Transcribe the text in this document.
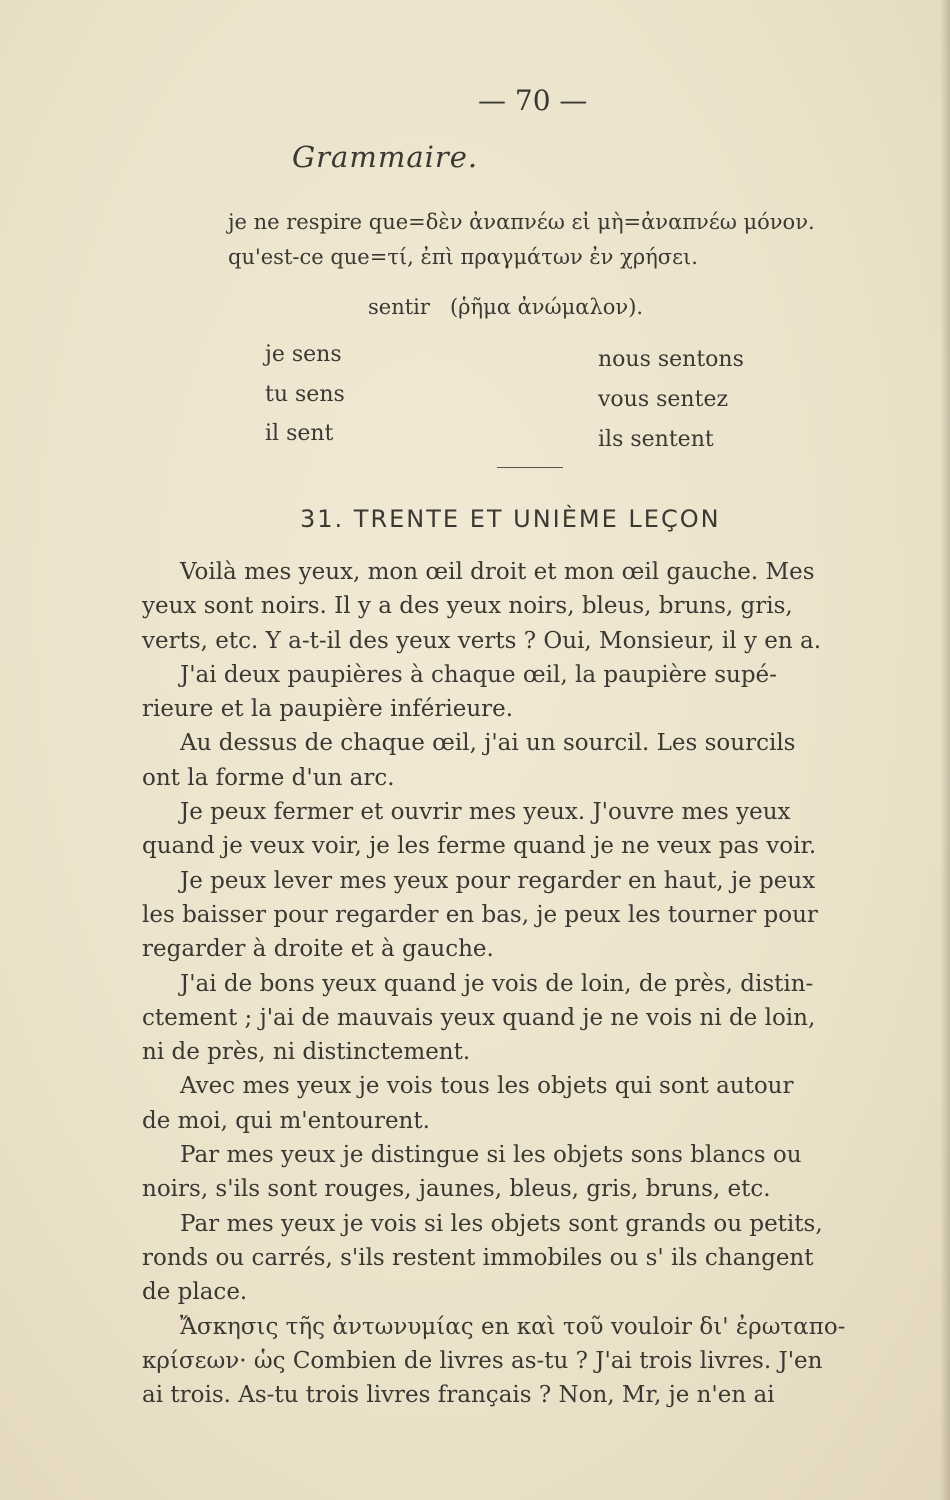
— 70 —
Grammaire.
je ne respire que=δὲν ἀναπνέω εἰ μὴ=ἀναπνέω μόνον.
qu'est-ce que=τί, ἐπὶ πραγμάτων ἐν χρήσει.
sentir   (ῥῆμα ἀνώμαλον).
je sens
tu sens
il sent
nous sentons
vous sentez
ils sentent
31. TRENTE ET UNIÈME LEÇON

Voilà mes yeux, mon œil droit et mon œil gauche. Mes

yeux sont noirs. Il y a des yeux noirs, bleus, bruns, gris,
verts, etc. Y a-t-il des yeux verts ? Oui, Monsieur, il y en a.

J'ai deux paupières à chaque œil, la paupière supé-

rieure et la paupière inférieure.

Au dessus de chaque œil, j'ai un sourcil. Les sourcils

ont la forme d'un arc.

Je peux fermer et ouvrir mes yeux. J'ouvre mes yeux

quand je veux voir, je les ferme quand je ne veux pas voir.

Je peux lever mes yeux pour regarder en haut, je peux

les baisser pour regarder en bas, je peux les tourner pour
regarder à droite et à gauche.

J'ai de bons yeux quand je vois de loin, de près, distin-

ctement ; j'ai de mauvais yeux quand je ne vois ni de loin,
ni de près, ni distinctement.

Avec mes yeux je vois tous les objets qui sont autour

de moi, qui m'entourent.

Par mes yeux je distingue si les objets sons blancs ou

noirs, s'ils sont rouges, jaunes, bleus, gris, bruns, etc.

Par mes yeux je vois si les objets sont grands ou petits,

ronds ou carrés, s'ils restent immobiles ou s' ils changent
de place.

Ἄσκησις τῆς ἀντωνυμίας en καὶ τοῦ vouloir δι' ἐρωταπο-

κρίσεων· ὡς Combien de livres as-tu ? J'ai trois livres. J'en
ai trois. As-tu trois livres français ? Non, Mr, je n'en ai
